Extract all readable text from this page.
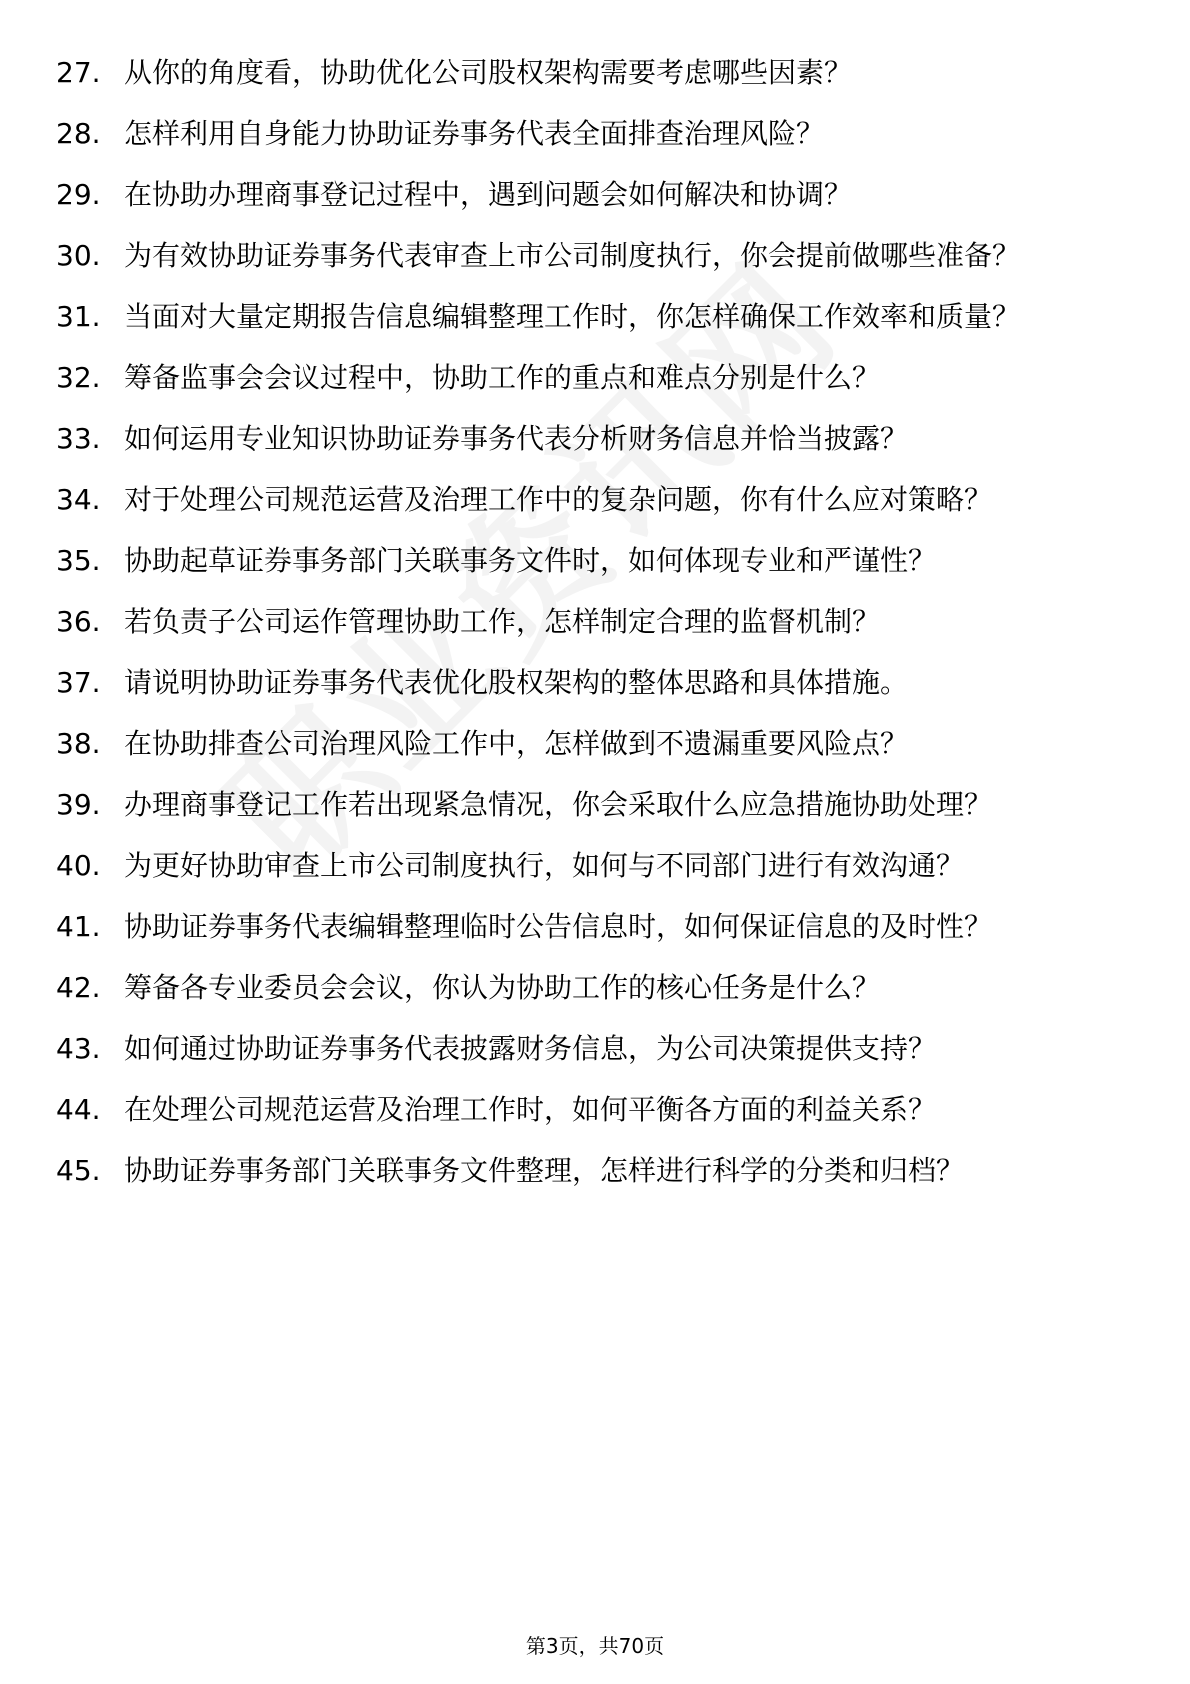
27. 从你的角度看，协助优化公司股权架构需要考虑哪些因素？
28. 怎样利用自身能力协助证券事务代表全面排查治理风险？
29. 在协助办理商事登记过程中，遇到问题会如何解决和协调？
30. 为有效协助证券事务代表审查上市公司制度执行，你会提前做哪些准备？
31. 当面对大量定期报告信息编辑整理工作时，你怎样确保工作效率和质量？
32. 筹备监事会会议过程中，协助工作的重点和难点分别是什么？
33. 如何运用专业知识协助证券事务代表分析财务信息并恰当披露？
34. 对于处理公司规范运营及治理工作中的复杂问题，你有什么应对策略？
35. 协助起草证券事务部门关联事务文件时，如何体现专业和严谨性？
36. 若负责子公司运作管理协助工作，怎样制定合理的监督机制？
37. 请说明协助证券事务代表优化股权架构的整体思路和具体措施。
38. 在协助排查公司治理风险工作中，怎样做到不遗漏重要风险点？
39. 办理商事登记工作若出现紧急情况，你会采取什么应急措施协助处理？
40. 为更好协助审查上市公司制度执行，如何与不同部门进行有效沟通？
41. 协助证券事务代表编辑整理临时公告信息时，如何保证信息的及时性？
42. 筹备各专业委员会会议，你认为协助工作的核心任务是什么？
43. 如何通过协助证券事务代表披露财务信息，为公司决策提供支持？
44. 在处理公司规范运营及治理工作时，如何平衡各方面的利益关系？
45. 协助证券事务部门关联事务文件整理，怎样进行科学的分类和归档？
第3页，共70页
